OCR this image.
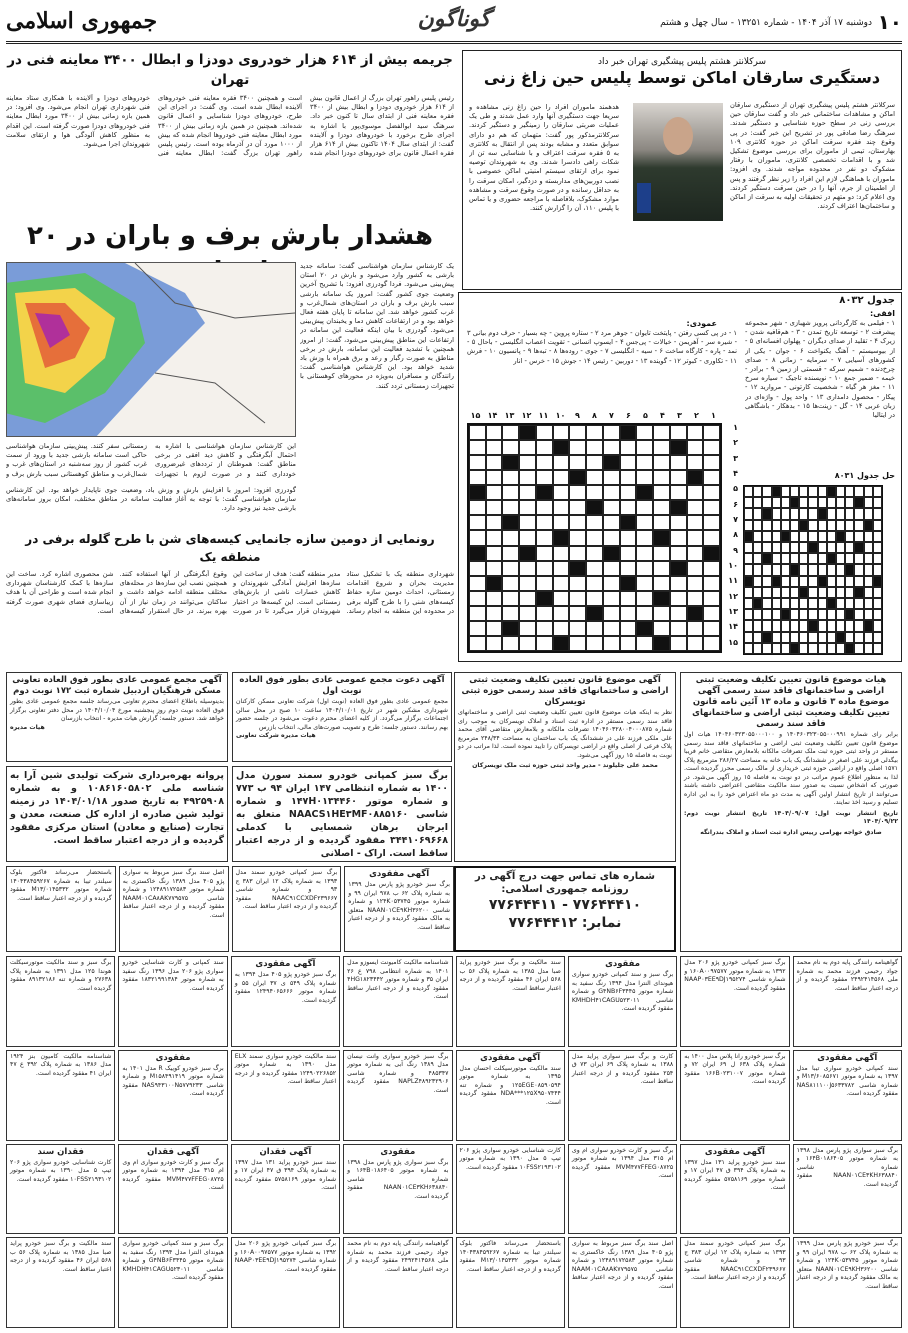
۱۰
دوشنبه ۱۷ آذر ۱۴۰۴ - شماره ۱۳۲۵۱ - سال چهل و هشتم
گوناگون
جمهوری اسلامی
سرکلانتر هشتم پلیس پیشگیری تهران خبر داد
دستگیری سارقان اماکن توسط پلیس حین زاغ زنی
سرکلانتر هشتم پلیس پیشگیری تهران از دستگیری سارقان اماکن و مشاهدات ساختمانی خبر داد و گفت سارقان حین بررسی زنی در سطح حوزه شناسایی و دستگیر شدند. سرهنگ رضا صادقی پور در تشریح این خبر گفت: در پی وقوع چند فقره سرقت اماکن در حوزه کلانتری ۱۰۹ بهارستان، تیمی از ماموران برای بررسی موضوع تشکیل شد و با اقدامات تخصصی کلانتری، ماموران با رفتار مشکوک دو نفر در محدوده مواجه شدند. وی افزود: ماموران با هماهنگی لازم این افراد را زیر نظر گرفتند و پس از اطمینان از جرم، آنها را در حین سرقت دستگیر کردند. وی اعلام کرد: دو متهم در تحقیقات اولیه به سرقت از اماکن و ساختمان‌ها اعتراف کردند.
هدهمند ماموران افراد را حین زاغ زنی مشاهده و سریعا جهت دستگیری آنها وارد عمل شدند و طی یک عملیات ضربتی سارقان را زمینگیر و دستگیر کردند. سرکلانترمذکور پور گفت: متهمان که هم دو دارای سوابق متعدد و مشابه بودند پس از انتقال به کلانتری به ۵ فقره سرقت اعتراف و با شناسایی سه تن از شکات راهی دادسرا شدند. وی به شهروندان توصیه نمود برای ارتقای سیستم امنیتی اماکن خصوصی با نصب دوربین‌های مداربسته و دزدگیر، امکان سرقت را به حداقل رسانده و در صورت وقوع سرقت و مشاهده موارد مشکوک، بلافاصله با مراجعه حضوری و یا تماس با پلیس ۱۱۰، آن را گزارش کنند.
جریمه بیش از ۶۱۴ هزار خودروی دودزا و ابطال ۳۴۰۰ معاینه فنی در تهران
رئیس پلیس راهور تهران بزرگ از اعمال قانون بیش از ۶۱۴ هزار خودروی دودزا و ابطال بیش از ۳۴۰۰ فقره معاینه فنی از ابتدای سال تا کنون خبر داد. سرهنگ سید ابوالفضل موسوی‌پور با اشاره به اجرای طرح برخورد با خودروهای دودزا و آلاینده گفت: از ابتدای سال ۱۴۰۴ تاکنون بیش از ۶۱۴ هزار فقره اعمال قانون برای خودروهای دودزا انجام شده است و همچنین ۳۴۰۰ فقره معاینه فنی خودروهای آلاینده ابطال شده است. وی گفت: در اجرای این طرح، خودروهای دودزا شناسایی و اعمال قانون شده‌اند. همچنین در همین بازه زمانی بیش از ۳۴۰۰ مورد ابطال معاینه فنی خودروها انجام شده که بیش از ۱۰۰۰ مورد آن در آذرماه بوده است. رئیس پلیس راهور تهران بزرگ گفت: ابطال معاینه فنی خودروهای دودزا و آلاینده با همکاری ستاد معاینه فنی شهرداری تهران انجام می‌شود. وی افزود: در همین بازه زمانی بیش از ۳۴۰۰ مورد ابطال معاینه فنی خودروهای دودزا صورت گرفته است. این اقدام به منظور کاهش آلودگی هوا و ارتقای سلامت شهروندان اجرا می‌شود.
هشدار بارش برف و باران در ۲۰
این کارشناس سازمان هواشناسی با اشاره به احتمال آبگرفتگی و کاهش دید افقی در برخی مناطق گفت: هموطنان از ترددهای غیرضروری خودداری کنند و در صورت لزوم با تجهیزات زمستانی سفر کنند. پیش‌بینی سازمان هواشناسی حاکی است سامانه بارشی جدید با ورود از سمت غرب کشور از روز سه‌شنبه در استان‌های غرب و شمال‌غرب و مناطق کوهستانی سبب بارش برف و
جدول ۸۰۳۲
افقی:
۱ - فیلمی به کارگردانی پرویز شهبازی - شهر مجموعه پیشرفت ۲ - توسعه تاریخ تمدن - ۳ - هم‌قافیه شدن - زیرک ۴ - تقلید از صدای دیگران - پهلوان افسانه‌ای ۵ - از بیوسیستم - آهنگ یکنواخت ۶ - جوان - یکی از کشورهای آسیایی ۷ - سرمایه - زمانی ۸ - صدای چرخ‌دنده - شمیم سرکه - قسمتی از زمین ۹ - برادر - خیمه - ضمیر جمع ۱۰ - نویسنده تاجیک - سیاره سرخ ۱۱ - مغز هر گیاه - شخصیت کارتونی - مروارید ۱۲ - پیکار - محصول دامداری ۱۳ - واحد پول - واژه‌ای در زبان عربی ۱۴ - گل - زینت‌ها ۱۵ - بدهکار - باشگاهی در ایتالیا
عمودی:
۱ - در پی کسی رفتن - پایتخت تایوان - جوهر مرد ۲ - ستاره پروین - چه بسیار - حرف دوم بیانی ۳ - شیره سر - آهریمن - خیالات - پی‌جس ۴ - ایسوپ انسانی - تقویت اعصاب انگلیسی - باحال ۵ - نمد - پاره - کارگاه ساخت ۶ - سیه - انگلیسی ۷ - جوی - روده‌ها ۸ - تبه‌ها ۹ - پانسیون ۱۰ - فرش ۱۱ - تکاوری - کبوتر ۱۲ - گوینده ۱۳ - دوربین - رئیس ۱۴ - جوش ۱۵ - خرس - انار
۱۵ ۱۴ ۱۳ ۱۲ ۱۱ ۱۰	۹	۸	۷	۶	۵	۴	۳	۲	۱
۱
۲
۳
۴
۵
۶
۷
۸
۹
۱۰
۱۱
۱۲
۱۳
۱۴
۱۵
حل جدول ۸۰۳۱
رونمایی از دومین سازه جانمایی کیسه‌های شن با طرح گلوله برفی در منطقه یک
شهرداری منطقه یک با تشکیل ستاد مدیریت بحران و شروع اقدامات زمستانی، احداث دومین سازه حفاظ کیسه‌های شنی را با طرح گلوله برفی در محدوده این منطقه به انجام رساند. مدیر منطقه گفت: هدف از ساخت این سازه‌ها افزایش آمادگی شهروندان و کاهش خسارات ناشی از بارش‌های زمستانی است. این کیسه‌ها در اختیار شهروندان قرار می‌گیرد تا در صورت وقوع آبگرفتگی از آنها استفاده کنند. همچنین نصب این سازه‌ها در محله‌های مختلف منطقه ادامه خواهد داشت و ساکنان می‌توانند در زمان نیاز از آن بهره ببرند. در حال استقرار کیسه‌های شن محصوری اشاره کرد. ساخت این سازه‌ها با کمک کارشناسان شهرداری انجام شده است و طراحی آن با هدف زیباسازی فضای شهری صورت گرفته است.
هیات موضوع قانون تعیین تکلیف وضعیت ثبتی اراضی و ساختمانهای فاقد سند رسمی آگهی موضوع ماده ۳ قانون و ماده ۱۳ آئین نامه قانون تعیین تکلیف وضعیت ثبتی اراضی و ساختمانهای فاقد سند رسمی
برابر رای شماره ۱۴۰۴۶۰۳۲۳۰۵۵۰۰۰۹۹۱ و ۱۴۰۴۶۰۳۲۳۰۵۵۰۰۰۱۰۰ هیات اول موضوع قانون تعیین تکلیف وضعیت ثبتی اراضی و ساختمانهای فاقد سند رسمی مستقر در واحد ثبتی حوزه ثبت ملک تصرفات مالکانه بلامعارض متقاضی خانم فریبا بیگدلی فرزند علی اصغر در ششدانگ یک باب خانه به مساحت ۲۸۶/۲۷ مترمربع پلاک ۱۵۷۱ اصلی واقع در اراضی حوزه ثبتی خریداری از مالک رسمی محرز گردیده است. لذا به منظور اطلاع عموم مراتب در دو نوبت به فاصله ۱۵ روز آگهی می‌شود. در صورتی که اشخاص نسبت به صدور سند مالکیت متقاضی اعتراضی داشته باشند می‌توانند از تاریخ انتشار اولین آگهی به مدت دو ماه اعتراض خود را به این اداره تسلیم و رسید اخذ نمایند.
تاریخ انتشار نوبت اول: ۱۴۰۴/۰۹/۰۷ تاریخ انتشار نوبت دوم: ۱۴۰۴/۰۹/۲۲
صادق خواجه بهرامی رییس اداره ثبت اسناد و املاک بندرانگه
آگهی موضوع قانون تعیین تکلیف وضعیت ثبتی اراضی و ساختمانهای فاقد سند رسمی حوزه ثبتی تویسرکان
نظر به اینکه هیات موضوع قانون تعیین تکلیف وضعیت ثبتی اراضی و ساختمانهای فاقد سند رسمی مستقر در اداره ثبت اسناد و املاک تویسرکان به موجب رای شماره ۱۴۰۴۶۰۳۲۸۰۰۴۰۰۰۸۷۵ تصرفات مالکانه و بلامعارض متقاضی آقای محمد علی ملکی فرزند علی در ششدانگ یک باب ساختمان به مساحت ۲۴۸/۳۴ مترمربع پلاک فرعی از اصلی واقع در اراضی تویسرکان را تایید نموده است. لذا مراتب در دو نوبت به فاصله ۱۵ روز آگهی می‌شود.
محمد علی جلیلوند - مدیر واحد ثبتی حوزه ثبت ملک تویسرکان
آگهی دعوت مجمع عمومی عادی بطور فوق العاده نوبت اول
مجمع عمومی عادی بطور فوق العاده (نوبت اول) شرکت تعاونی مسکن کارکنان شهرداری مشکین شهر در تاریخ ۱۴۰۴/۱۰/۰۱ ساعت ۱۰ صبح در محل سالن اجتماعات برگزار می‌گردد. از کلیه اعضای محترم دعوت می‌شود در جلسه حضور بهم رسانند. دستور جلسه: طرح و تصویب صورت‌های مالی، انتخاب بازرس
هیات مدیره شرکت تعاونی
آگهی مجمع عمومی عادی بطور فوق العاده تعاونی مسکن فرهنگیان اردبیل شماره ثبت ۱۷۲ نوبت دوم
بدینوسیله باطلاع اعضای محترم تعاونی می‌رساند جلسه مجمع عمومی عادی بطور فوق العاده نوبت دوم روز پنجشنبه مورخ ۱۴۰۴/۱۰/۰۴ در محل دفتر تعاونی برگزار خواهد شد. دستور جلسه: گزارش هیات مدیره - انتخاب بازرسان
هیات مدیره
برگ سبز کمپانی خودرو سمند سورن مدل ۱۴۰۰ به شماره انتظامی ۱۴۷ ایران ۹۴ ب ۷۷۳ و شماره موتور ۱۴۷H۰۱۳۴۴۶۰ و شماره شاسی NAACS۱HE۳MF۰۸۸۵۱۶۰ متعلق به ایرجان برهان شمسایی با کدملی ۳۴۴۱۰۶۹۶۶۸ مفقود گردیده و از درجه اعتبار ساقط است. اراک - اصلانی
پروانه بهره‌برداری شرکت تولیدی شین آرا به شناسه ملی ۱۰۸۶۱۶۰۵۸۰۲ و به شماره ۴۹۲۵۹۰۸ به تاریخ صدور ۱۴۰۴/۰۱/۱۸ در زمینه تولید شین صادره از اداره کل صنعت، معدن و تجارت (صنایع و معادن) استان مرکزی مفقود گردیده و از درجه اعتبار ساقط است.
شماره های تماس جهت درج آگهی در روزنامه جمهوری اسلامی:
۷۷۶۴۴۴۱۰ - ۷۷۶۴۴۴۱۱
نمابر: ۷۷۶۴۴۴۱۲
آگهی مفقودی
برگ سبز خودرو پژو پارس مدل ۱۳۹۹ به شماره پلاک ۶۲ ب ۹۷۸ ایران ۹۹ و شماره موتور ۱۲۴K۰۵۳۷۴۵ و شماره شاسی NAAN۰۱CE۹KH۳۶۲۰۰ متعلق به مالک مفقود گردیده و از درجه اعتبار ساقط است.
برگ سبز کمپانی خودرو سمند مدل ۱۳۹۳ به شماره پلاک ۱۲ ایران ۳۸۳ ج ۹۳ و شماره شاسی NAAC۹۱CCXDF۲۳۹۶۶۷ مفقود گردیده و از درجه اعتبار ساقط است.
اصل سند برگ سبز مربوط به سواری پژو ۴۰۵ مدل ۱۳۸۹ رنگ خاکستری به شماره موتور ۱۲۴۸۹۱۷۲۵۸۳ و شماره شاسی NAAM۰۱CA۸AK۷۷۹۵۷۵ مفقود گردیده و از درجه اعتبار ساقط است.
باستحضار می‌رساند فاکتور بلوک سیلندر تیبا به شماره ۱۴۰۴۳۸۴۵۹۲۶۷ شماره موتور M۱۳/۰۱۴۵۳۳۲ مفقود گردیده و از درجه اعتبار ساقط است.
گواهینامه رانندگی پایه دوم به نام محمد جواد رحیمی فرزند محمد به شماره ملی ۲۴۹۲۴۱۴۵۶۸ مفقود گردیده و از درجه اعتبار ساقط است.
برگ سبز کمپانی خودرو پژو ۲۰۶ مدل ۱۳۹۲ به شماره موتور ۱۶۰A۰۰۹۷۵۷۷ و شماره شاسی NAAP۰۳EE۹DJ۱۹۵۲۷۴ مفقود گردیده است.
مفقودی
برگ سبز و سند کمپانی خودرو سواری هیوندای النترا مدل ۱۳۹۴ رنگ سفید به شماره موتور G۴NB۶F۳۴۴۵ و شماره شاسی KMHDH۴۱CAGU۵۲۳۰۱۱ مفقود گردیده است.
سند مالکیت و برگ سبز خودرو پراید صبا مدل ۱۳۸۵ به شماره پلاک ۵۶ ب ۵۶۸ ایران ۴۶ مفقود گردیده و از درجه اعتبار ساقط است.
شناسنامه مالکیت کامیونت ایسوزو مدل ۱۴۰۱ به شماره انتظامی ۷۹۸ ع ۲۶ ایران ۳۵ و شماره موتور ۴HG۱۸۲۳۴۴۲ مفقود گردیده و از درجه اعتبار ساقط است.
آگهی مفقودی
برگ سبز خودرو پژو ۴۰۵ مدل ۱۳۹۴ به شماره پلاک ۵۴۹ ی ۳۷ ایران ۵۵ و شماره موتور ۱۲۴۹۴۰۶۵۶۶۶ مفقود گردیده است.
سند کمپانی و کارت شناسایی خودرو سواری پژو ۲۰۶ مدل ۱۳۹۶ رنگ سفید به شماره موتور ۱۸۳۲۱۹۹۱۳۸۴ مفقود گردیده است.
برگ سبز و سند مالکیت موتورسیکلت هوندا ۱۲۵ مدل ۱۳۹۱ به شماره پلاک ۲۷۶۳۸ و شماره تنه ۸۹۱۳۲۱۸۶ مفقود گردیده است.
آگهی مفقودی
سند کمپانی خودرو سواری تیبا مدل ۱۳۹۷ به شماره موتور M۱۳/۶۰۸۵۶۷۱ و شماره شاسی NAS۸۱۱۱۰۰J۵۶۳۳۷۸۲ مفقود گردیده است.
برگ سبز خودرو رانا پلاس مدل ۱۴۰۰ به شماره پلاک ۶۳۸ ل ۶۹ ایران ۷۲ و شماره موتور ۱۶۶B۰۲۳۱۰۰۷ مفقود گردیده است.
کارت و برگ سبز سواری پراید مدل ۱۳۸۸ به شماره پلاک ۶۹ ایران ۷۳ ق ۲۵۴ مفقود گردیده و از درجه اعتبار ساقط است.
آگهی مفقودی
سند مالکیت موتورسیکلت احسان مدل ۱۳۹۵ به شماره موتور ۱۲۵EGE۰۸۵۹۰۵۹۴ و شماره تنه NDA***۱۲۵X۹۵۰۷۴۴۴ مفقود گردیده است.
برگ سبز خودرو سواری وانت نیسان مدل ۱۳۸۹ رنگ آبی به شماره موتور ۴۸۵۳۴۷ و شماره شاسی NAPLZ۴۸۹۲۳۲۹۰۶ مفقود گردیده است.
سند مالکیت خودرو سواری سمند ELX مدل ۱۳۹۰ به شماره موتور ۱۲۴۹۰۲۲۶۸۵۲ مفقود گردیده و از درجه اعتبار ساقط است.
مفقودی
برگ سبز خودرو کوییک R مدل ۱۴۰۱ به شماره موتور M۱۵۸۴۹۱۴۱۹ و شماره شاسی NAS۹۴۳۱۰۰N۵۷۷۹۲۳۳ مفقود گردیده است.
شناسنامه مالکیت کامیون بنز ۱۹۲۴ مدل ۱۳۸۶ به شماره پلاک ۳۹۲ ع ۴۷ ایران ۴۱ مفقود گردیده است.
برگ سبز سواری پژو پارس مدل ۱۳۹۸ به شماره موتور ۱۶۴B۰۱۸۶۴۰۵ و شماره شاسی NAAN۰۱CE۳KH۶۳۸۸۴۰ مفقود گردیده است.
آگهی مفقودی
سند سبز خودرو پراید ۱۳۱ مدل ۱۳۹۷ به شماره پلاک ۳۹۴ ق ۴۷ ایران ۱۷ و شماره موتور ۵۷۵۸۱۶۹ مفقود گردیده است.
برگ سبز و کارت خودرو سواری ام وی ام ۳۱۵ مدل ۱۳۹۴ به شماره موتور MVM۴۷۷FFEG۰۸۷۲۵ مفقود گردیده است.
کارت شناسایی خودرو سواری پژو ۲۰۶ تیپ ۵ مدل ۱۳۹۰ به شماره موتور ۱۰FSS۲۱۹۳۱۰۲ مفقود گردیده است.
مفقودی
برگ سبز سواری پژو پارس مدل ۱۳۹۸ به شماره موتور ۱۶۴B۰۱۸۶۴۰۵ و شماره شاسی NAAN۰۱CE۳KH۶۳۸۸۴۰ مفقود گردیده است.
آگهی فقدان
سند سبز خودرو پراید ۱۳۱ مدل ۱۳۹۷ به شماره پلاک ۳۹۴ ق ۴۷ ایران ۱۷ و شماره موتور ۵۷۵۸۱۶۹ مفقود گردیده است.
آگهی فقدان
برگ سبز و کارت خودرو سواری ام وی ام ۳۱۵ مدل ۱۳۹۴ به شماره موتور MVM۴۷۷FFEG۰۸۷۲۵ مفقود گردیده است.
فقدان سند
کارت شناسایی خودرو سواری پژو ۲۰۶ تیپ ۵ مدل ۱۳۹۰ به شماره موتور ۱۰FSS۲۱۹۳۱۰۲ مفقود گردیده است.
برگ سبز خودرو پژو پارس مدل ۱۳۹۹ به شماره پلاک ۶۲ ب ۹۷۸ ایران ۹۹ و شماره موتور ۱۲۴K۰۵۳۷۴۵ و شماره شاسی NAAN۰۱CE۹KH۳۶۲۰۰ متعلق به مالک مفقود گردیده و از درجه اعتبار ساقط است.
برگ سبز کمپانی خودرو سمند مدل ۱۳۹۳ به شماره پلاک ۱۲ ایران ۳۸۳ ج ۹۳ و شماره شاسی NAAC۹۱CCXDF۲۳۹۶۶۷ مفقود گردیده و از درجه اعتبار ساقط است.
اصل سند برگ سبز مربوط به سواری پژو ۴۰۵ مدل ۱۳۸۹ رنگ خاکستری به شماره موتور ۱۲۴۸۹۱۷۲۵۸۳ و شماره شاسی NAAM۰۱CA۸AK۷۷۹۵۷۵ مفقود گردیده و از درجه اعتبار ساقط است.
باستحضار می‌رساند فاکتور بلوک سیلندر تیبا به شماره ۱۴۰۴۳۸۴۵۹۲۶۷ شماره موتور M۱۳/۰۱۴۵۳۳۲ مفقود گردیده و از درجه اعتبار ساقط است.
گواهینامه رانندگی پایه دوم به نام محمد جواد رحیمی فرزند محمد به شماره ملی ۲۴۹۲۴۱۴۵۶۸ مفقود گردیده و از درجه اعتبار ساقط است.
برگ سبز کمپانی خودرو پژو ۲۰۶ مدل ۱۳۹۲ به شماره موتور ۱۶۰A۰۰۹۷۵۷۷ و شماره شاسی NAAP۰۳EE۹DJ۱۹۵۲۷۴ مفقود گردیده است.
برگ سبز و سند کمپانی خودرو سواری هیوندای النترا مدل ۱۳۹۴ رنگ سفید به شماره موتور G۴NB۶F۳۴۴۵ و شماره شاسی KMHDH۴۱CAGU۵۲۳۰۱۱ مفقود گردیده است.
سند مالکیت و برگ سبز خودرو پراید صبا مدل ۱۳۸۵ به شماره پلاک ۵۶ ب ۵۶۸ ایران ۴۶ مفقود گردیده و از درجه اعتبار ساقط است.
یک کارشناس سازمان هواشناسی گفت: سامانه جدید بارشی به کشور وارد می‌شود و بارش در ۲۰ استان پیش‌بینی می‌شود. فردا گودرزی افزود: با تشریح آخرین وضعیت جوی کشور گفت: امروز یک سامانه بارشی سبب بارش برف و باران در استان‌های شمال‌غرب و غرب کشور خواهد شد. این سامانه تا پایان هفته فعال خواهد بود و در ارتفاعات کاهش دما و یخبندان پیش‌بینی می‌شود. گودرزی با بیان اینکه فعالیت این سامانه در ارتفاعات این مناطق پیش‌بینی می‌شود، گفت: از امروز همچنین با تشدید فعالیت این سامانه، بارش در برخی مناطق به صورت رگبار و رعد و برق همراه با وزش باد شدید خواهد بود. این کارشناس هواشناسی گفت: رانندگان و مسافران به‌ویژه در محورهای کوهستانی با تجهیزات زمستانی تردد کنند.
گودرزی افزود: امروز با افزایش بارش و وزش باد، وضعیت جوی ناپایدار خواهد بود. این کارشناس سازمان هواشناسی گفت: با توجه به آغاز فعالیت سامانه در مناطق مختلف، امکان بروز سامانه‌های بارشی جدید نیز وجود دارد.
